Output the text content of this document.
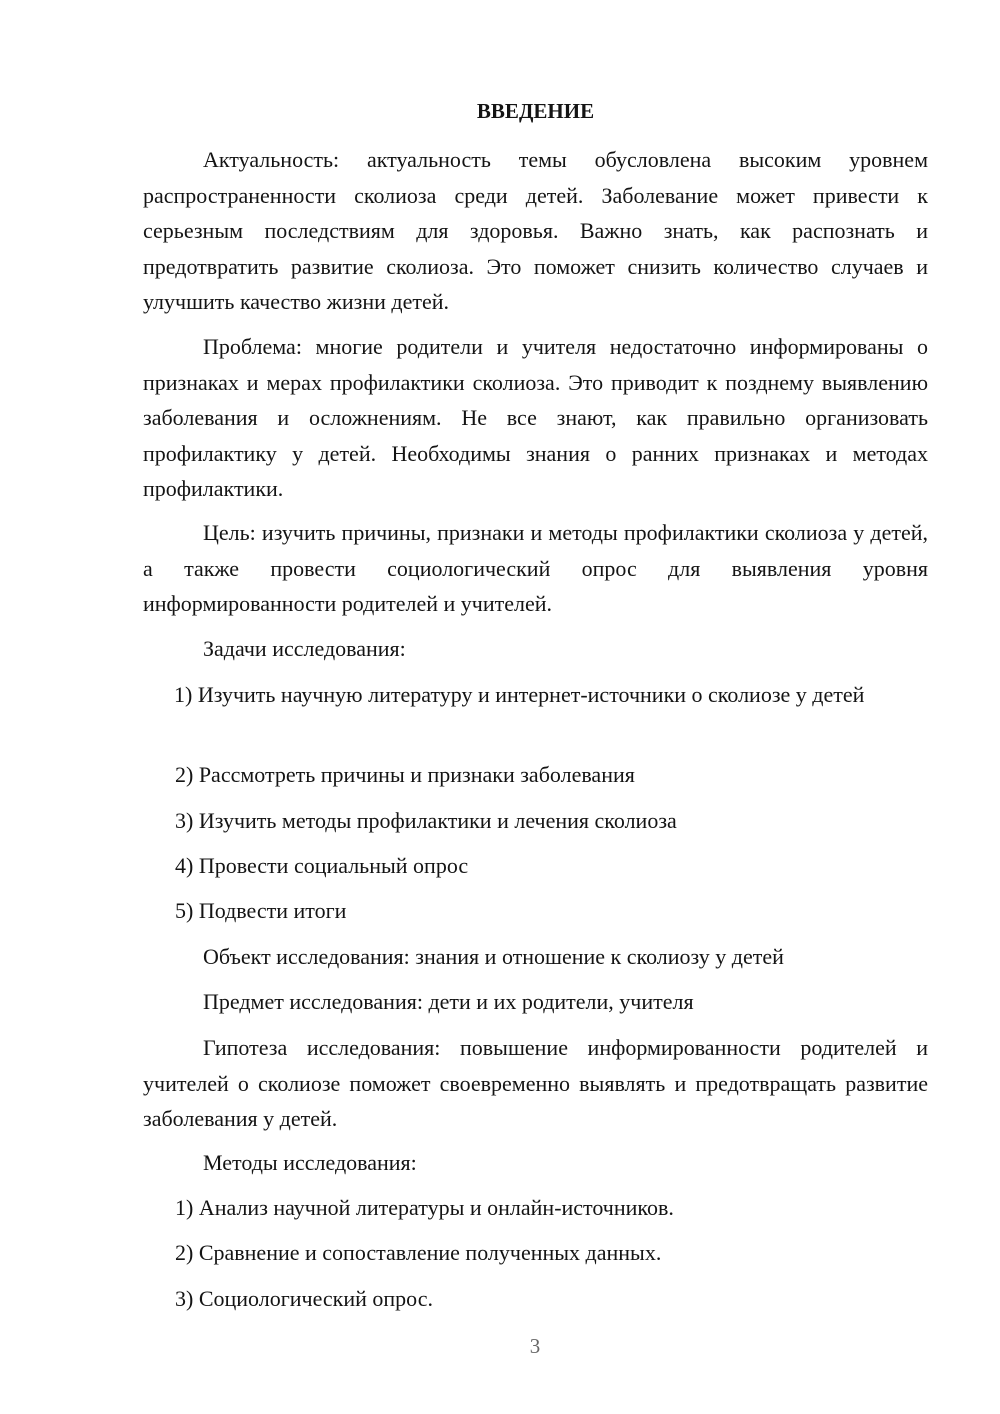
ВВЕДЕНИЕ

Актуальность: актуальность темы обусловлена высоким уровнем распространенности сколиоза среди детей. Заболевание может привести к серьезным последствиям для здоровья. Важно знать, как распознать и предотвратить развитие сколиоза. Это поможет снизить количество случаев и улучшить качество жизни детей.

Проблема: многие родители и учителя недостаточно информированы о признаках и мерах профилактики сколиоза. Это приводит к позднему выявлению заболевания и осложнениям. Не все знают, как правильно организовать профилактику у детей. Необходимы знания о ранних признаках и методах профилактики.

Цель: изучить причины, признаки и методы профилактики сколиоза у детей, а также провести социологический опрос для выявления уровня информированности родителей и учителей.

Задачи исследования:

1) Изучить научную литературу и интернет-источники о сколиозе у детей

2) Рассмотреть причины и признаки заболевания
3) Изучить методы профилактики и лечения сколиоза
4) Провести социальный опрос
5) Подвести итоги
Объект исследования: знания и отношение к сколиозу у детей
Предмет исследования: дети и их родители, учителя

Гипотеза исследования: повышение информированности родителей и учителей о сколиозе поможет своевременно выявлять и предотвращать развитие заболевания у детей.

Методы исследования:
1) Анализ научной литературы и онлайн-источников.
2) Сравнение и сопоставление полученных данных.
3) Социологический опрос.
3
